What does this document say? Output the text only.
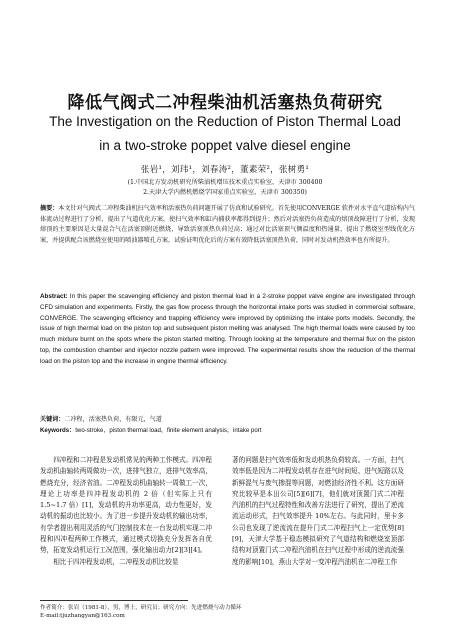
降低气阀式二冲程柴油机活塞热负荷研究
The Investigation on the Reduction of Piston Thermal Load
in a two-stroke poppet valve diesel engine
张岩¹，刘玮¹，刘春涛²，董素荣²，张树勇¹
(1.中国北方发动机研究所柴油机增压技术重点实验室，天津市 300400
2.天津大学内燃机燃烧学国家重点实验室，天津市 300350)
摘要：本文针对气阀式二冲程柴油机扫气效率和活塞热负荷问题开展了仿真和试验研究。首先使用CONVERGE 软件对水平直气道结构内气体流动过程进行了分析，提出了气道优化方案，使扫气效率和缸内捕获率都得到提升；然后对活塞热负荷造成的熔顶故障进行了分析，发现熔顶的主要原因是大量混合气在活塞顶附近燃烧，导致活塞顶热负荷过高；通过对比活塞顶气侧温度和热通量，提出了燃烧室型线优化方案，并提供配合该燃烧室使用的喷油器喷孔方案，试验证明优化后的方案有效降低活塞顶热负荷，同时对发动机热效率也有所提升。
Abstract: In this paper the scavenging efficiency and piston thermal load in a 2-stroke poppet valve engine are investigated through CFD simulation and experiments. Firstly, the gas flow process through the horizontal intake ports was studied in commercial software, CONVERGE. The scavenging efficiency and trapping efficiency were improved by optimizing the intake ports models. Secondly, the issue of high thermal load on the piston top and subsequent piston melting was analysed. The high thermal loads were caused by too much mixture burnt on the spots where the piston started melting. Through looking at the temperature and thermal flux on the piston top, the combustion chamber and injector nozzle pattern were improved. The experimental results show the reduction of the thermal load on the piston top and the increase in engine thermal efficiency.
关键词：二冲程，活塞热负荷，有限元，气道
Keywords：two-stroke，piston thermal load，finite element analysis，intake port

四冲程和二冲程是发动机常见的两种工作模式。四冲程发动机曲轴转两周做功一次，进排气独立，进排气效率高，燃烧充分，经济省油。二冲程发动机曲轴转一周做工一次，理论上功率是四冲程发动机的 2 倍（但实际上只有 1.5~1.7 倍）[1]，发动机的升功率更高，动力性更好，发动机的振动也比较小。为了进一步提升发动机的输出功率，有学者提出利用灵活的气门控制技术在一台发动机实现二冲程和四冲程两种工作模式，通过模式切换充分发挥各自优势，拓宽发动机运行工况范围，强化输出动力[2][3][4]。

相比于四冲程发动机，二冲程发动机比较显

著的问题是扫气效率低和发动机热负荷较高。一方面，扫气效率低是因为二冲程发动机存在进气时间短、进气短路以及新鲜混气与废气掺混等问题，对燃油经济性不利。这方面研究比较早是本田公司[5][6][7]，他们就对顶置门式二冲程汽油机的扫气过程特性和改善方法进行了研究，提出了逆流流运动形式，扫气效率提升 10%左右。与此同时，里卡多公司也发现了逆流流在提升门式二冲程扫气上一定优势[8][9]，天津大学基于稳态模拟研究了气道结构和燃烧室顶部结构对顶置门式二冲程汽油机在扫气过程中形成的逆流流强度的影响[10]，燕山大学对一变冲程汽油机在二冲程工作

作者简介：张岩（1981-8），男，博士，研究员；研究方向：先进燃烧与动力循环
E-mail:tjuzhangyan@163.com
